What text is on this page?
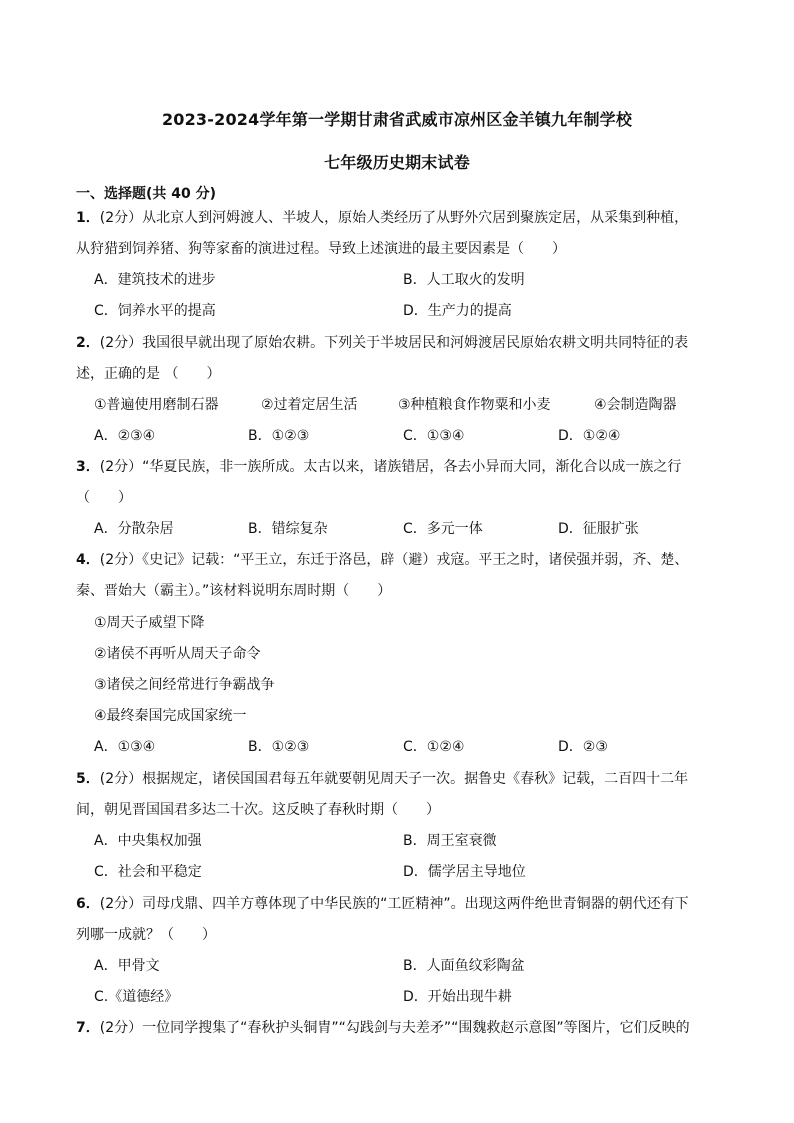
2023-2024学年第一学期甘肃省武威市凉州区金羊镇九年制学校
七年级历史期末试卷
一、选择题(共 40 分)
1．(2分）从北京人到河姆渡人、半坡人，原始人类经历了从野外穴居到聚族定居，从采集到种植，
从狩猎到饲养猪、狗等家畜的演进过程。导致上述演进的最主要因素是（　　）
A．建筑技术的进步	B．人工取火的发明
C．饲养水平的提高	D．生产力的提高
2．(2分）我国很早就出现了原始农耕。下列关于半坡居民和河姆渡居民原始农耕文明共同特征的表
述，正确的是 （　　）
①普遍使用磨制石器	②过着定居生活	③种植粮食作物粟和小麦	④会制造陶器
A．②③④	B．①②③	C．①③④	D．①②④
3．(2分）“华夏民族，非一族所成。太古以来，诸族错居，各去小异而大同，渐化合以成一族之行
（　　）
A．分散杂居	B．错综复杂	C．多元一体	D．征服扩张
4．(2分）《史记》记载：“平王立，东迁于洛邑，辟（避）戎寇。平王之时，诸侯强并弱，齐、楚、
秦、晋始大（霸主）。”该材料说明东周时期（　　）
①周天子威望下降
②诸侯不再听从周天子命令
③诸侯之间经常进行争霸战争
④最终秦国完成国家统一
A．①③④	B．①②③	C．①②④	D．②③
5．(2分）根据规定，诸侯国国君每五年就要朝见周天子一次。据鲁史《春秋》记载，二百四十二年
间，朝见晋国国君多达二十次。这反映了春秋时期（　　）
A．中央集权加强	B．周王室衰微
C．社会和平稳定	D．儒学居主导地位
6．(2分）司母戊鼎、四羊方尊体现了中华民族的“工匠精神”。出现这两件绝世青铜器的朝代还有下
列哪一成就？（　　）
A．甲骨文	B．人面鱼纹彩陶盆
C.《道德经》	D．开始出现牛耕
7．(2分）一位同学搜集了“春秋护头铜胄”“勾践剑与夫差矛”“围魏救赵示意图”等图片，它们反映的
